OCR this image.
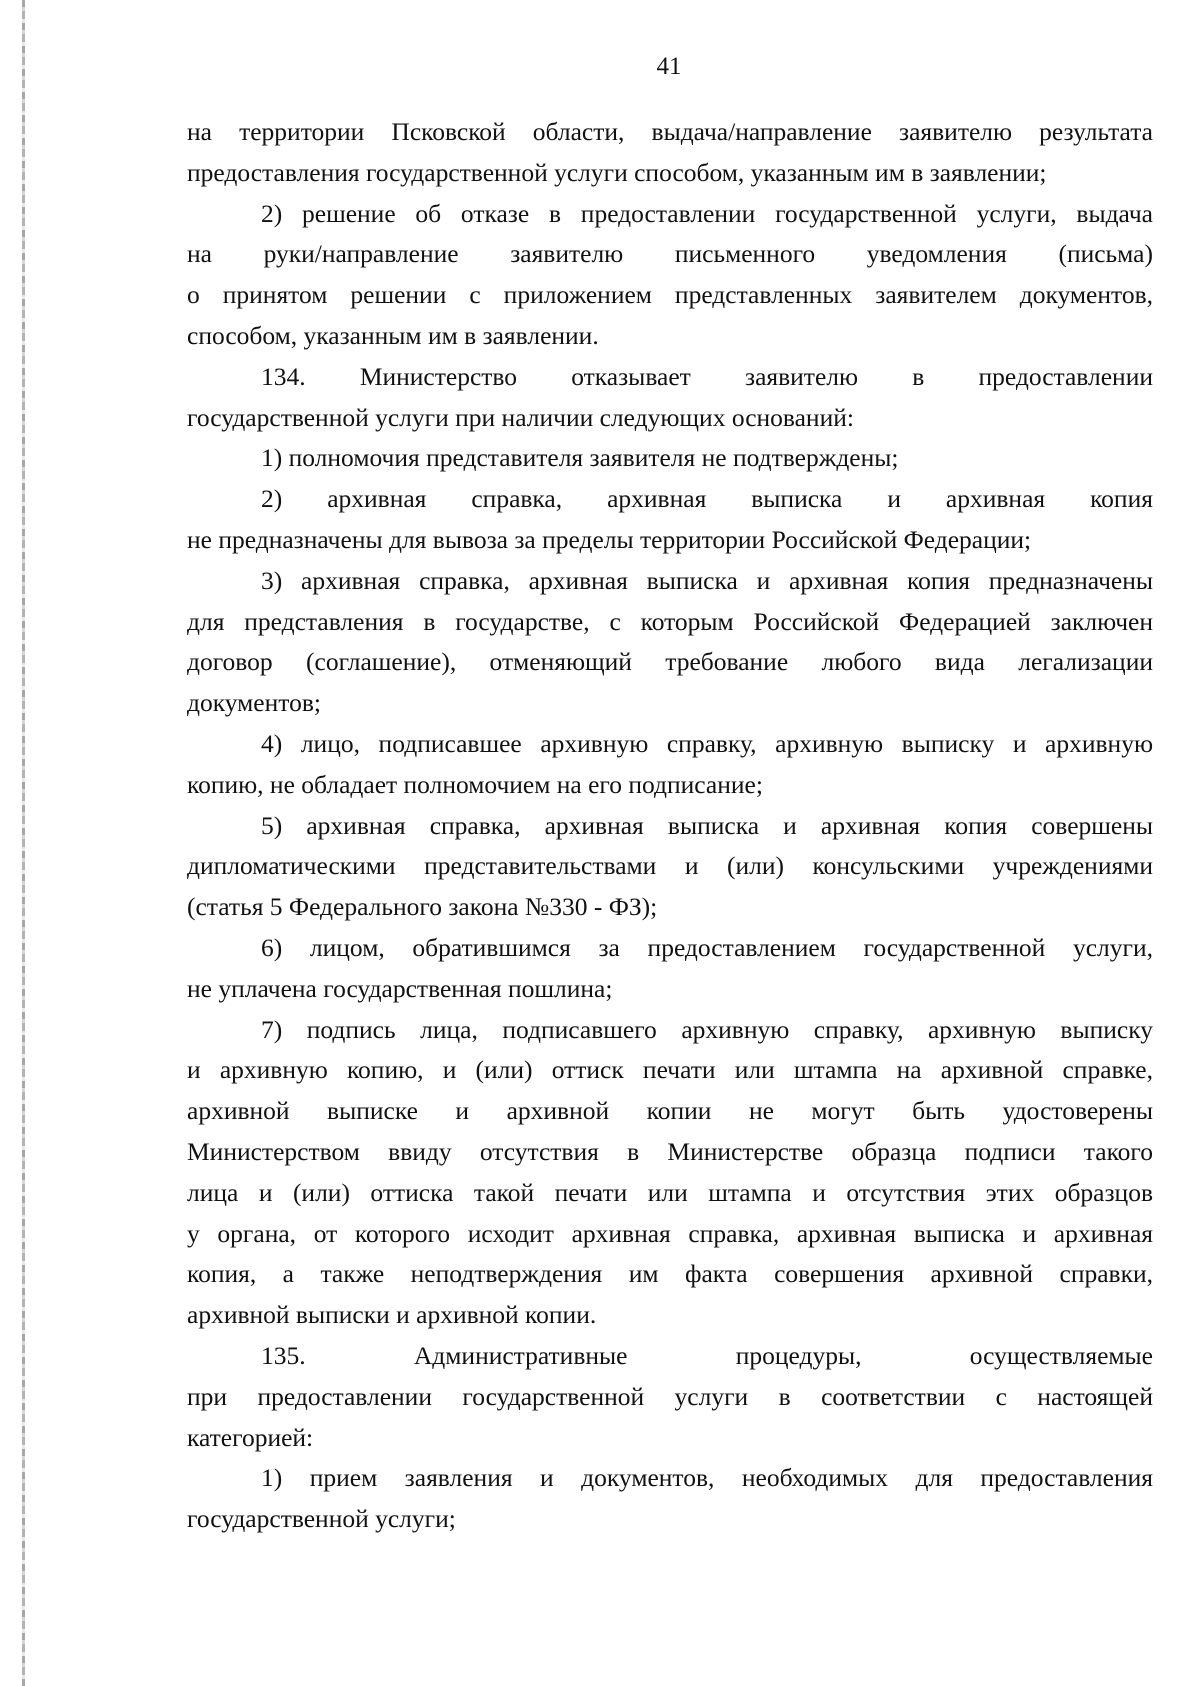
41
на территории Псковской области, выдача/направление заявителю результата
предоставления государственной услуги способом, указанным им в заявлении;
2) решение об отказе в предоставлении государственной услуги, выдача
на руки/направление заявителю письменного уведомления (письма)
о принятом решении с приложением представленных заявителем документов,
способом, указанным им в заявлении.
134. Министерство отказывает заявителю в предоставлении
государственной услуги при наличии следующих оснований:
1) полномочия представителя заявителя не подтверждены;
2) архивная справка, архивная выписка и архивная копия
не предназначены для вывоза за пределы территории Российской Федерации;
3) архивная справка, архивная выписка и архивная копия предназначены
для представления в государстве, с которым Российской Федерацией заключен
договор (соглашение), отменяющий требование любого вида легализации
документов;
4) лицо, подписавшее архивную справку, архивную выписку и архивную
копию, не обладает полномочием на его подписание;
5) архивная справка, архивная выписка и архивная копия совершены
дипломатическими представительствами и (или) консульскими учреждениями
(статья 5 Федерального закона №330 - ФЗ);
6) лицом, обратившимся за предоставлением государственной услуги,
не уплачена государственная пошлина;
7) подпись лица, подписавшего архивную справку, архивную выписку
и архивную копию, и (или) оттиск печати или штампа на архивной справке,
архивной выписке и архивной копии не могут быть удостоверены
Министерством ввиду отсутствия в Министерстве образца подписи такого
лица и (или) оттиска такой печати или штампа и отсутствия этих образцов
у органа, от которого исходит архивная справка, архивная выписка и архивная
копия, а также неподтверждения им факта совершения архивной справки,
архивной выписки и архивной копии.
135.	Административные	процедуры,	осуществляемые
при предоставлении государственной услуги в соответствии с настоящей
категорией:
1) прием заявления и документов, необходимых для предоставления
государственной услуги;
